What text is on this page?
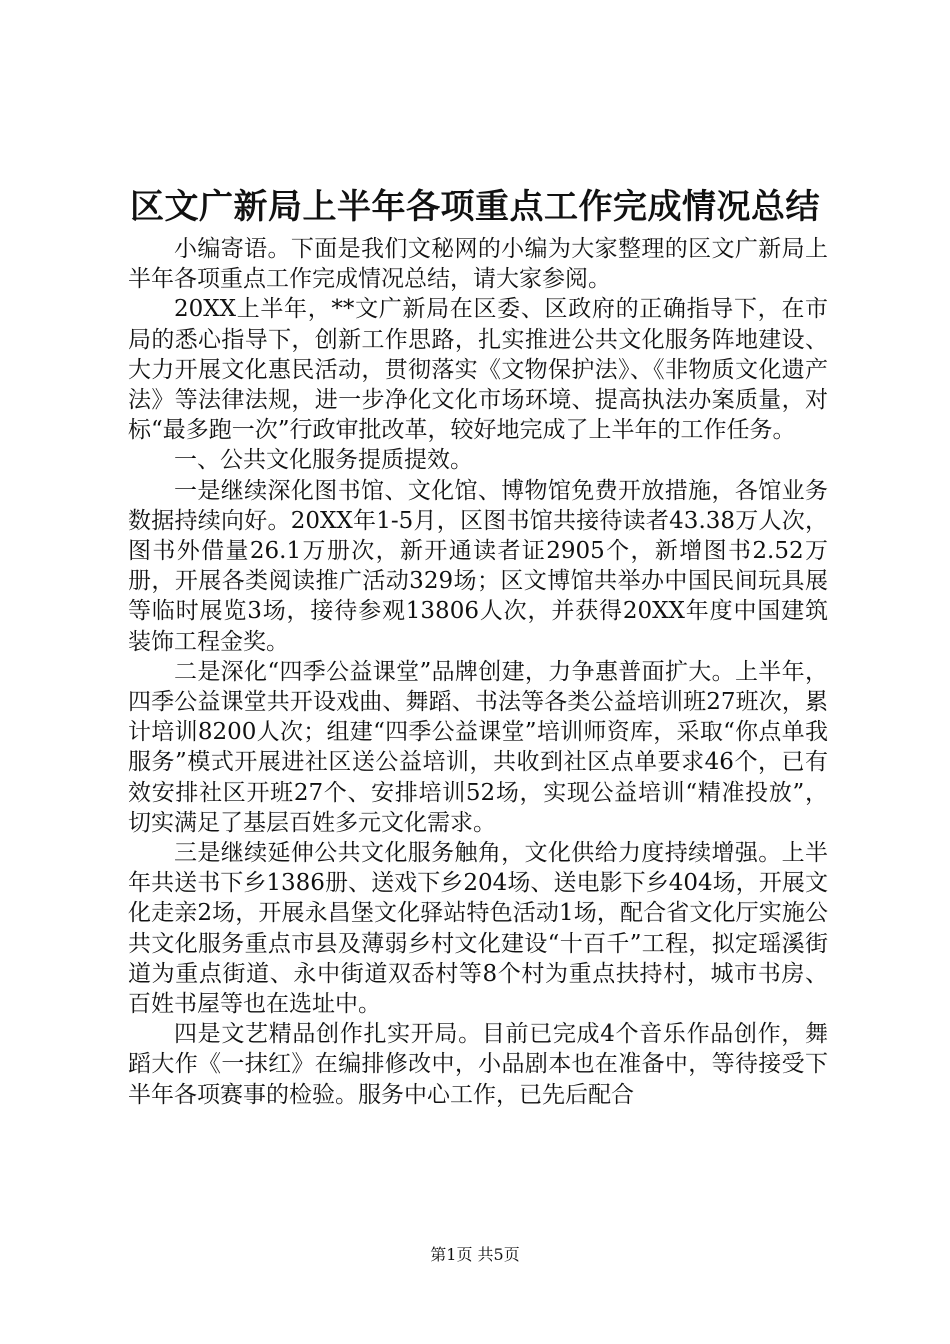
区文广新局上半年各项重点工作完成情况总结

小编寄语。下面是我们文秘网的小编为大家整理的区文广新局上半年各项重点工作完成情况总结，请大家参阅。

20XX上半年，**文广新局在区委、区政府的正确指导下，在市局的悉心指导下，创新工作思路，扎实推进公共文化服务阵地建设、大力开展文化惠民活动，贯彻落实《文物保护法》、《非物质文化遗产法》等法律法规，进一步净化文化市场环境、提高执法办案质量，对标“最多跑一次”行政审批改革，较好地完成了上半年的工作任务。

一、公共文化服务提质提效。

一是继续深化图书馆、文化馆、博物馆免费开放措施，各馆业务数据持续向好。20XX年1-5月，区图书馆共接待读者43.38万人次，图书外借量26.1万册次，新开通读者证2905个，新增图书2.52万册，开展各类阅读推广活动329场；区文博馆共举办中国民间玩具展等临时展览3场，接待参观13806人次，并获得20XX年度中国建筑装饰工程金奖。

二是深化“四季公益课堂”品牌创建，力争惠普面扩大。上半年，四季公益课堂共开设戏曲、舞蹈、书法等各类公益培训班27班次，累计培训8200人次；组建“四季公益课堂”培训师资库，采取“你点单我服务”模式开展进社区送公益培训，共收到社区点单要求46个，已有效安排社区开班27个、安排培训52场，实现公益培训“精准投放”，切实满足了基层百姓多元文化需求。

三是继续延伸公共文化服务触角，文化供给力度持续增强。上半年共送书下乡1386册、送戏下乡204场、送电影下乡404场，开展文化走亲2场，开展永昌堡文化驿站特色活动1场，配合省文化厅实施公共文化服务重点市县及薄弱乡村文化建设“十百千”工程，拟定瑶溪街道为重点街道、永中街道双岙村等8个村为重点扶持村，城市书房、百姓书屋等也在选址中。

四是文艺精品创作扎实开局。目前已完成4个音乐作品创作，舞蹈大作《一抹红》在编排修改中，小品剧本也在准备中，等待接受下半年各项赛事的检验。服务中心工作，已先后配合

第1页 共5页
